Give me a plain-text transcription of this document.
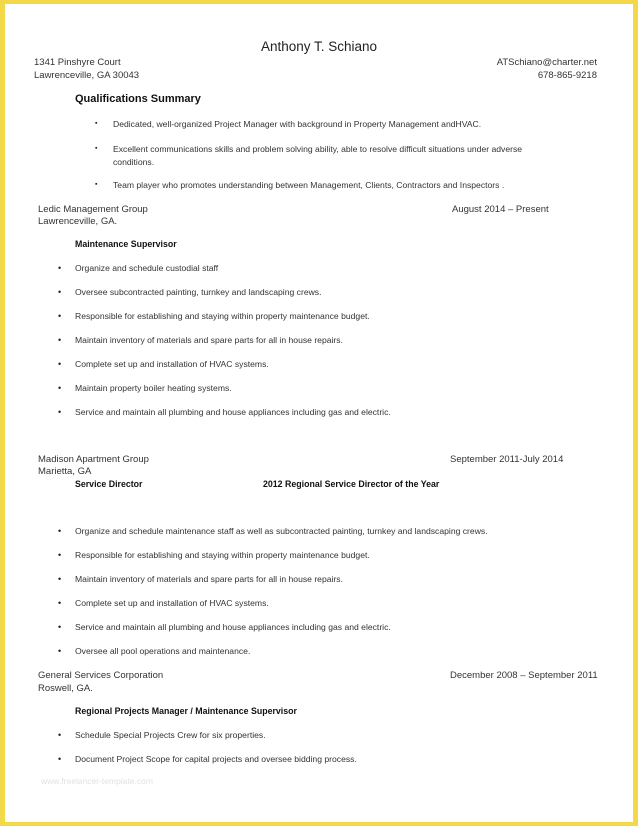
Anthony T. Schiano
1341 Pinshyre Court
Lawrenceville, GA 30043
ATSchiano@charter.net
678-865-9218
Qualifications Summary
▪ Dedicated, well-organized Project Manager with background in Property Management andHVAC.
▪ Excellent communications skills and problem solving ability, able to resolve difficult situations under adverse
conditions.
▪ Team player who promotes understanding between Management, Clients, Contractors and Inspectors .
Ledic Management Group	August 2014 – Present
Lawrenceville, GA.
Maintenance Supervisor
• Organize and schedule custodial staff
• Oversee subcontracted painting, turnkey and landscaping crews.
• Responsible for establishing and staying within property maintenance budget.
• Maintain inventory of materials and spare parts for all in house repairs.
• Complete set up and installation of HVAC systems.
• Maintain property boiler heating systems.
• Service and maintain all plumbing and house appliances including gas and electric.
Madison Apartment Group	September 2011-July 2014
Marietta, GA
Service Director	2012 Regional Service Director of the Year
• Organize and schedule maintenance staff as well as subcontracted painting, turnkey and landscaping crews.
• Responsible for establishing and staying within property maintenance budget.
• Maintain inventory of materials and spare parts for all in house repairs.
• Complete set up and installation of HVAC systems.
• Service and maintain all plumbing and house appliances including gas and electric.
• Oversee all pool operations and maintenance.
General Services Corporation	December 2008 – September 2011
Roswell, GA.
Regional Projects Manager / Maintenance Supervisor
• Schedule Special Projects Crew for six properties.
• Document Project Scope for capital projects and oversee bidding process.
www.freelancer-template.com
